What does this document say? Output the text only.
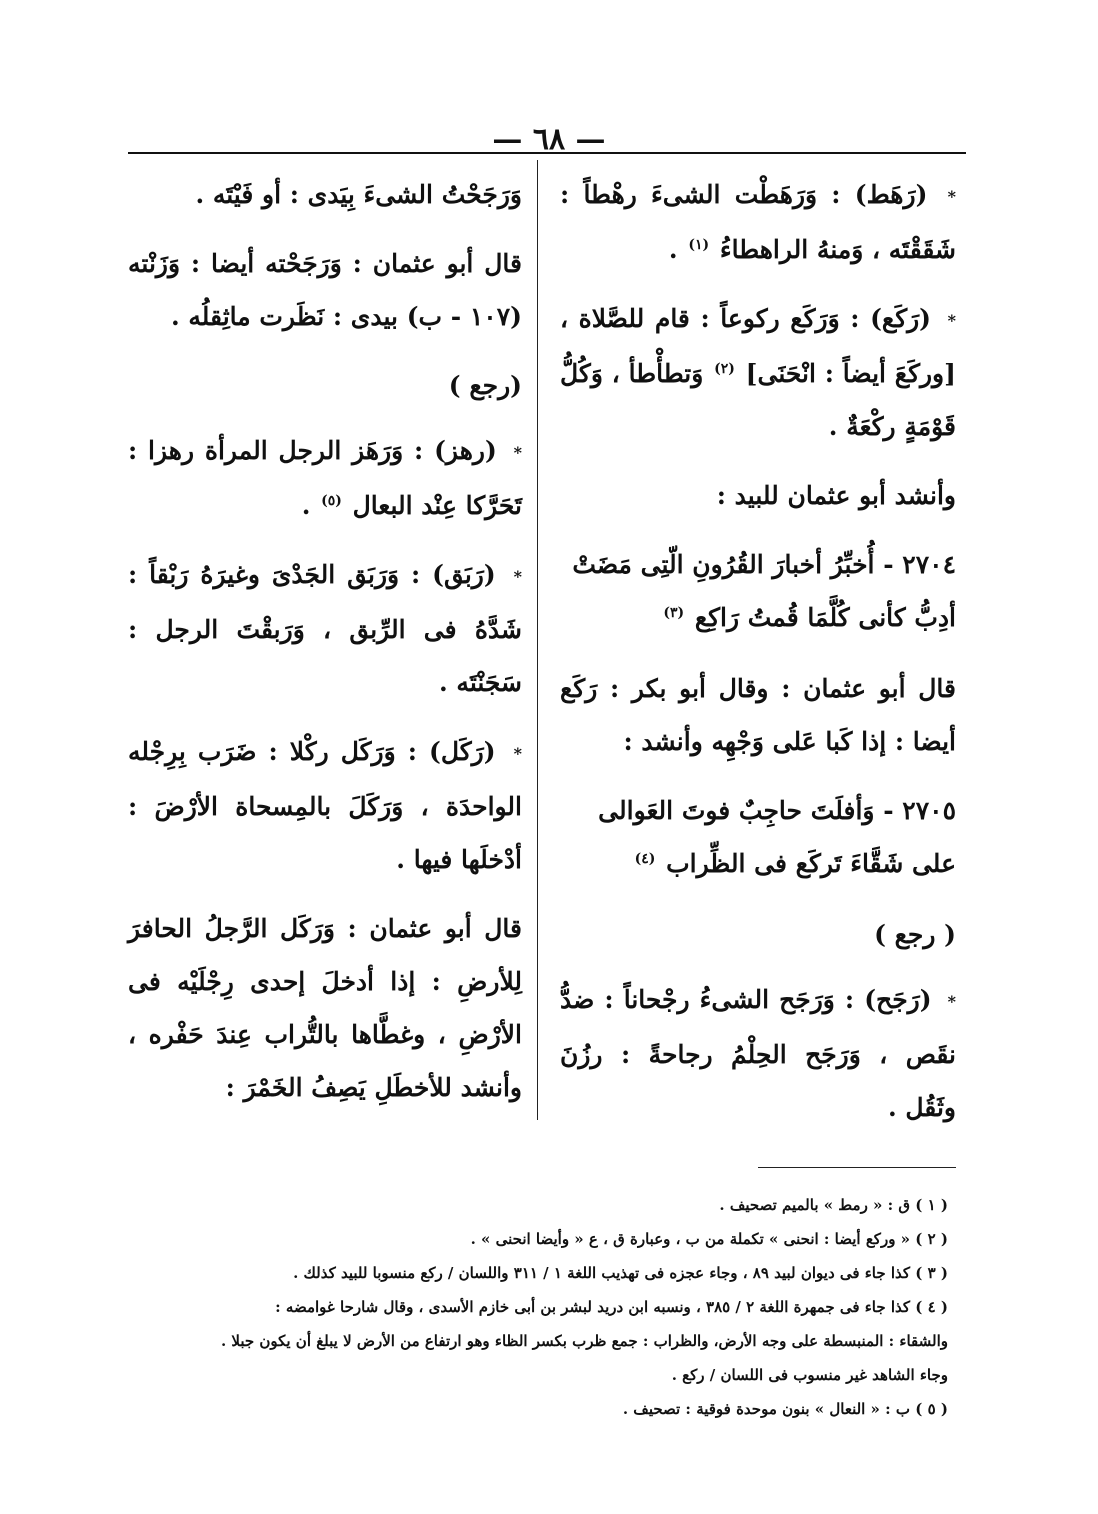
— ٦٨ —

* (رَهَط) : وَرَهَطْت الشىءَ رهْطاً : شَقَقْتَه ، وَمنهُ الراهطاءُ $^{(١)}$ .

* (رَكَع) : وَرَكَع ركوعاً : قام للصَّلاة ، [وركَعَ أيضاً : انْحَنَى] $^{(٢)}$ وَتطأْطأ ، وَكُلُّ قَوْمَةٍ ركْعَةٌ .

وأنشد أبو عثمان للبيد :

٢٧٠٤ - أُخبِّرُ أخبارَ القُرُونِ الّتِى مَضَتْ
أدِبُّ كأنى كُلَّمَا قُمتُ رَاكِع $^{(٣)}$

قال أبو عثمان : وقال أبو بكر : رَكَع أيضا : إذا كَبا عَلى وَجْهِه وأنشد :

٢٧٠٥ - وَأفلَتَ حاجِبٌ فوتَ العَوالى
على شَقَّاءَ تَركَع فى الظِّراب $^{(٤)}$

( رجع )

* (رَجَح) : وَرَجَح الشىءُ رجْحاناً : ضدُّ نقَص ، وَرَجَح الحِلْمُ رجاحةً : رزُنَ وثَقُل .

وَرَجَحْتُ الشىءَ بِيَدى : أو فَيْتَه .

قال أبو عثمان : وَرَجَحْته أيضا : وَزَنْته (١٠٧ - ب) بيدى : نَظَرت ماثِقلُه .

(رجع )

* (رهز) : وَرَهَز الرجل المرأة رهزا : تَحَرَّكا عِنْد البعال $^{(٥)}$ .

* (رَبَق) : وَرَبَق الجَدْىَ وغيرَهُ رَبْقاً : شَدَّهُ فى الرِّبق ، وَرَبقْتَ الرجل : سَجَنْتَه .

* (رَكَل) : وَرَكَل ركْلا : ضَرَب بِرِجْله الواحدَة ، وَرَكَلَ بالمِسحاة الأرْضَ : أدْخلَها فيها .

قال أبو عثمان : وَرَكَل الرَّجلُ الحافرَ لِلأرضِ : إذا أدخلَ إحدى رِجْلَيْه فى الأرْضِ ، وغطَّاها بالتُّراب عِندَ حَفْره ، وأنشد للأخطَلِ يَصِفُ الخَمْرَ :

( ١ ) ق : « رمط » بالميم تصحيف .

( ٢ ) « وركع أيضا : انحنى » تكملة من ب ، وعبارة ق ، ع « وأيضا انحنى » .

( ٣ ) كذا جاء فى ديوان لبيد ٨٩ ، وجاء عجزه فى تهذيب اللغة ١ / ٣١١ واللسان / ركع منسوبا للبيد كذلك .

( ٤ ) كذا جاء فى جمهرة اللغة ٢ / ٣٨٥ ، ونسبه ابن دريد لبشر بن أبى خازم الأسدى ، وقال شارحا غوامضه :

والشقاء : المنبسطة على وجه الأرض، والظراب : جمع ظرب بكسر الظاء وهو ارتفاع من الأرض لا يبلغ أن يكون جبلا .

وجاء الشاهد غير منسوب فى اللسان / ركع .

( ٥ ) ب : « النعال » بنون موحدة فوقية : تصحيف .
